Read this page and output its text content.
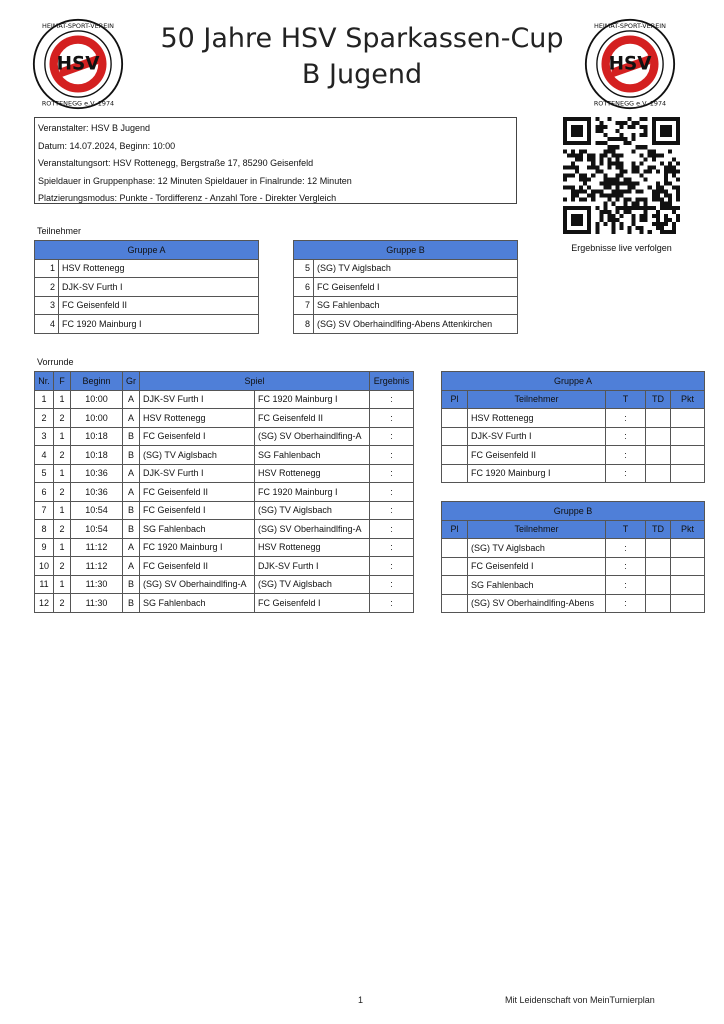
HSV
HEIMAT-SPORT-VEREIN
ROTTENEGG e.V. 1974
HSV
HEIMAT-SPORT-VEREIN
ROTTENEGG e.V. 1974
50 Jahre HSV Sparkassen-Cup
B Jugend
Veranstalter: HSV B Jugend
Datum: 14.07.2024, Beginn: 10:00
Veranstaltungsort: HSV Rottenegg, Bergstraße 17, 85290 Geisenfeld
Spieldauer in Gruppenphase: 12 Minuten Spieldauer in Finalrunde: 12 Minuten
Platzierungsmodus: Punkte - Tordifferenz - Anzahl Tore - Direkter Vergleich
Ergebnisse live verfolgen
Teilnehmer
Gruppe A	
1	HSV Rottenegg
2	DJK-SV Furth I
3	FC Geisenfeld II
4	FC 1920 Mainburg I
Gruppe B	
5	(SG) TV Aiglsbach
6	FC Geisenfeld I
7	SG Fahlenbach
8	(SG) SV Oberhaindlfing-Abens Attenkirchen
Vorrunde
Nr.	F	Beginn	Gr	Spiel		Ergebnis
1	1	10:00	A	DJK-SV Furth I	FC 1920 Mainburg I	:
2	2	10:00	A	HSV Rottenegg	FC Geisenfeld II	:
3	1	10:18	B	FC Geisenfeld I	(SG) SV Oberhaindlfing-A	:
4	2	10:18	B	(SG) TV Aiglsbach	SG Fahlenbach	:
5	1	10:36	A	DJK-SV Furth I	HSV Rottenegg	:
6	2	10:36	A	FC Geisenfeld II	FC 1920 Mainburg I	:
7	1	10:54	B	FC Geisenfeld I	(SG) TV Aiglsbach	:
8	2	10:54	B	SG Fahlenbach	(SG) SV Oberhaindlfing-A	:
9	1	11:12	A	FC 1920 Mainburg I	HSV Rottenegg	:
10	2	11:12	A	FC Geisenfeld II	DJK-SV Furth I	:
11	1	11:30	B	(SG) SV Oberhaindlfing-A	(SG) TV Aiglsbach	:
12	2	11:30	B	SG Fahlenbach	FC Geisenfeld I	:
Gruppe A				
Pl	Teilnehmer	T	TD	Pkt
	HSV Rottenegg	:		
	DJK-SV Furth I	:		
	FC Geisenfeld II	:		
	FC 1920 Mainburg I	:		
Gruppe B				
Pl	Teilnehmer	T	TD	Pkt
	(SG) TV Aiglsbach	:		
	FC Geisenfeld I	:		
	SG Fahlenbach	:		
	(SG) SV Oberhaindlfing-Abens	:		
1	Mit Leidenschaft von MeinTurnierplan
